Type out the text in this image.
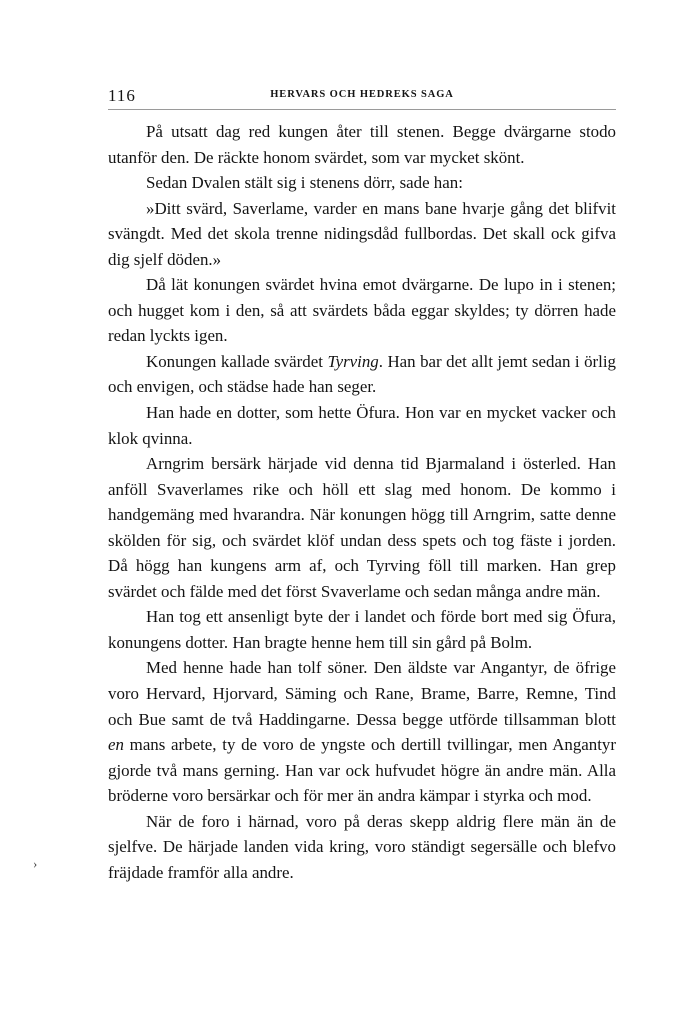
116	HERVARS OCH HEDREKS SAGA

På utsatt dag red kungen åter till stenen. Begge dvärgarne stodo utanför den. De räckte honom svärdet, som var mycket skönt.

Sedan Dvalen stält sig i stenens dörr, sade han:

»Ditt svärd, Saverlame, varder en mans bane hvarje gång det blifvit svängdt. Med det skola trenne nidingsdåd fullbordas. Det skall ock gifva dig sjelf döden.»

Då lät konungen svärdet hvina emot dvärgarne. De lupo in i stenen; och hugget kom i den, så att svärdets båda eggar skyldes; ty dörren hade redan lyckts igen.

Konungen kallade svärdet Tyrving. Han bar det allt jemt sedan i örlig och envigen, och städse hade han seger.

Han hade en dotter, som hette Öfura. Hon var en mycket vacker och klok qvinna.

Arngrim bersärk härjade vid denna tid Bjarmaland i österled. Han anföll Svaverlames rike och höll ett slag med honom. De kommo i handgemäng med hvarandra. När konungen högg till Arngrim, satte denne skölden för sig, och svärdet klöf undan dess spets och tog fäste i jorden. Då högg han kungens arm af, och Tyrving föll till marken. Han grep svärdet och fälde med det först Svaverlame och sedan många andre män.

Han tog ett ansenligt byte der i landet och förde bort med sig Öfura, konungens dotter. Han bragte henne hem till sin gård på Bolm.

Med henne hade han tolf söner. Den äldste var Angantyr, de öfrige voro Hervard, Hjorvard, Säming och Rane, Brame, Barre, Remne, Tind och Bue samt de två Haddingarne. Dessa begge utförde tillsamman blott en mans arbete, ty de voro de yngste och dertill tvillingar, men Angantyr gjorde två mans gerning. Han var ock hufvudet högre än andre män. Alla bröderne voro bersärkar och för mer än andra kämpar i styrka och mod.

När de foro i härnad, voro på deras skepp aldrig flere män än de sjelfve. De härjade landen vida kring, voro ständigt segersälle och blefvo fräjdade framför alla andre.

›
